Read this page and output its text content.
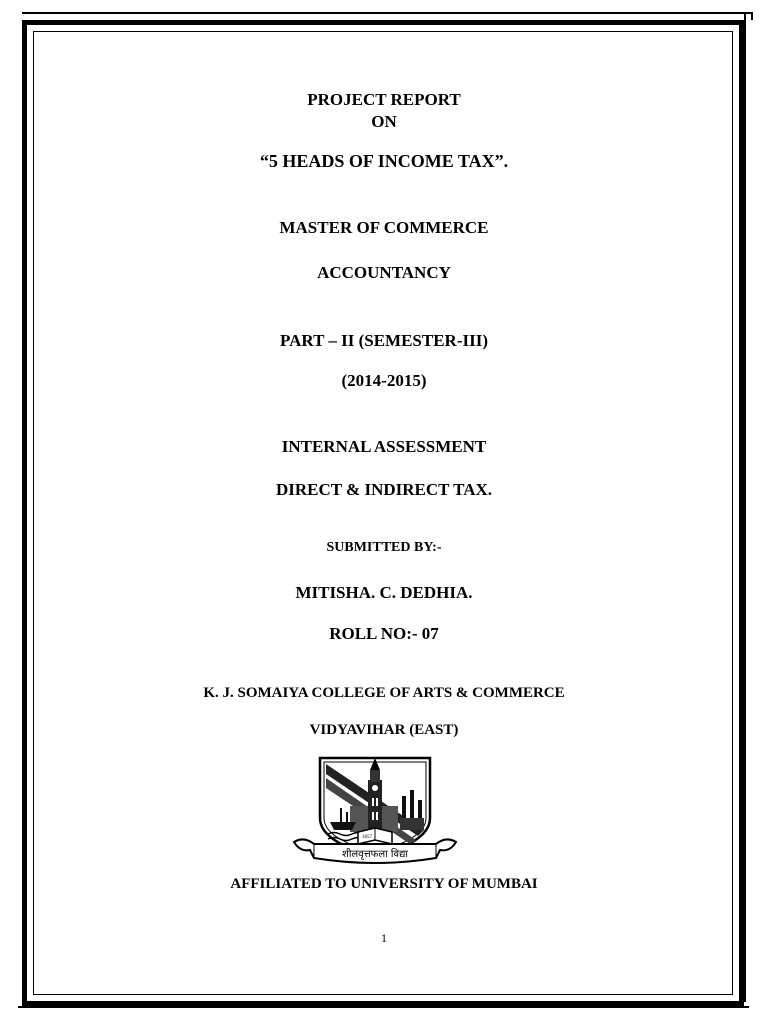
PROJECT REPORT
ON
“5 HEADS OF INCOME TAX”.
MASTER OF COMMERCE
ACCOUNTANCY
PART – II (SEMESTER-III)
(2014-2015)
INTERNAL ASSESSMENT
DIRECT & INDIRECT TAX.
SUBMITTED BY:-
MITISHA. C. DEDHIA.
ROLL NO:- 07
K. J. SOMAIYA COLLEGE OF ARTS & COMMERCE
VIDYAVIHAR (EAST)
1857
शीलवृत्तफला विद्या
AFFILIATED TO UNIVERSITY OF MUMBAI
1
